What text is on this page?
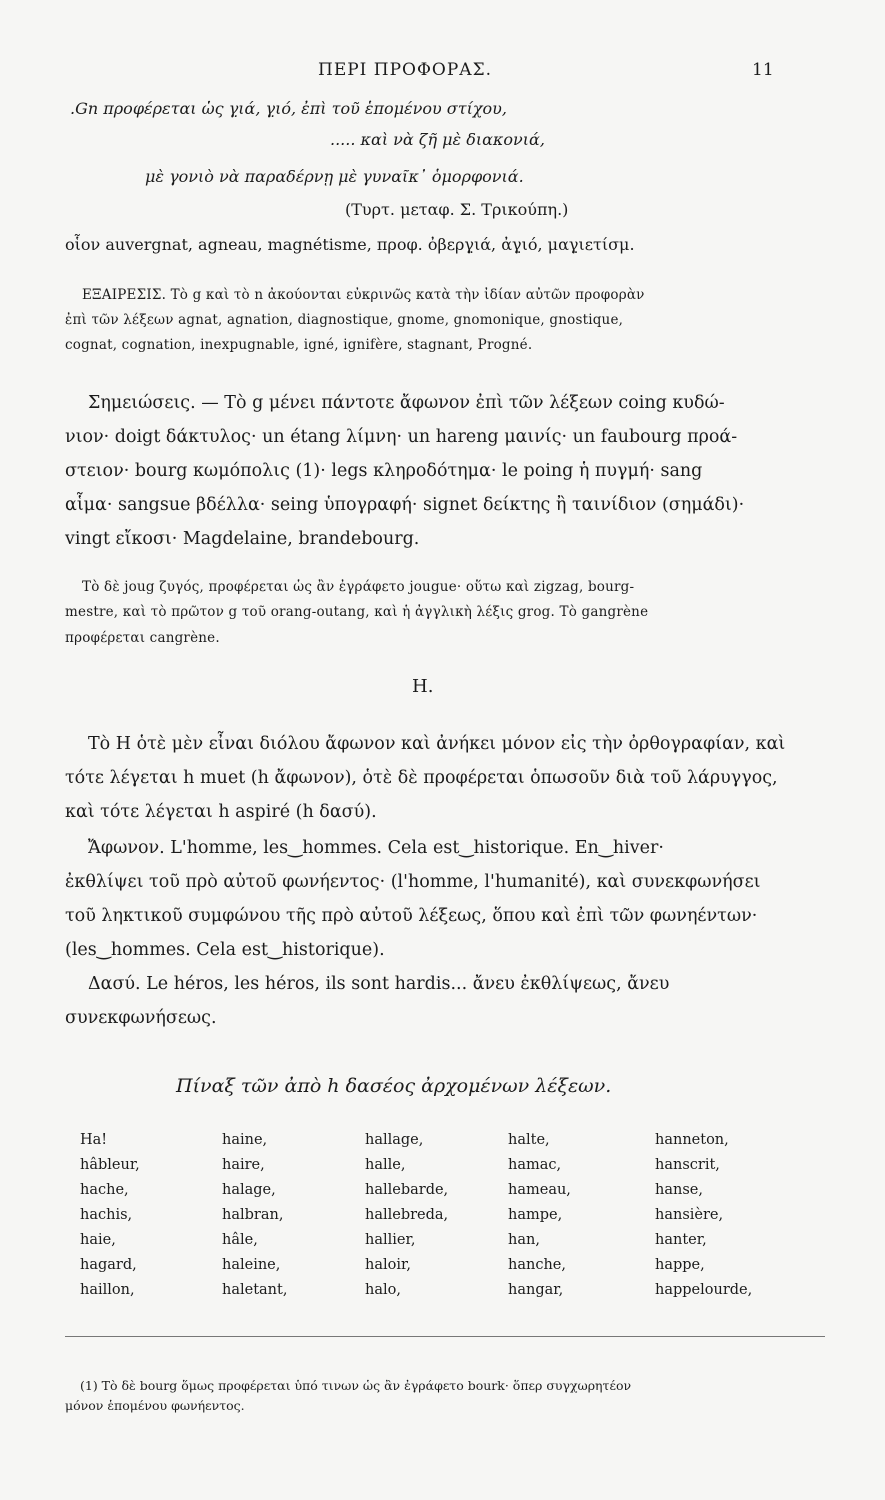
ΠΕΡΙ ΠΡΟΦΟΡΑΣ.	11
.Gn προφέρεται ὡς γ̤ιά, γ̤ιό, ἐπὶ τοῦ ἑπομένου στίχου,
..... καὶ νὰ ζῆ μὲ διακονιά,
μὲ γονιὸ νὰ παραδέρνῃ μὲ γυναῖκ᾽ ὁμορφονιά.
(Τυρτ. μεταφ. Σ. Τρικούπη.)
οἷον auvergnat, agneau, magnétisme, προφ. ὀβεργ̤ιά, ἀγ̤ιό, μαγ̤ιετίσμ.
ΕΞΑΙΡΕΣΙΣ. Τὸ g καὶ τὸ n ἀκούονται εὐκρινῶς κατὰ τὴν ἰδίαν αὐτῶν προφορὰν
ἐπὶ τῶν λέξεων agnat, agnation, diagnostique, gnome, gnomonique, gnostique,
cognat, cognation, inexpugnable, igné, ignifère, stagnant, Progné.
Σημειώσεις. — Τὸ g μένει πάντοτε ἄφωνον ἐπὶ τῶν λέξεων coing κυδώ-
νιον· doigt δάκτυλος· un étang λίμνη· un hareng μαινίς· un faubourg προά-
στειον· bourg κωμόπολις (1)· legs κληροδότημα· le poing ἡ πυγμή· sang
αἷμα· sangsue βδέλλα· seing ὑπογραφή· signet δείκτης ἢ ταινίδιον (σημάδι)·
vingt εἴκοσι· Magdelaine, brandebourg.
Τὸ δὲ joug ζυγός, προφέρεται ὡς ἂν ἐγράφετο jougue· οὕτω καὶ zigzag, bourg-
mestre, καὶ τὸ πρῶτον g τοῦ orang-outang, καὶ ἡ ἀγγλικὴ λέξις grog. Τὸ gangrène
προφέρεται cangrène.
H.
Τὸ H ὁτὲ μὲν εἶναι διόλου ἄφωνον καὶ ἀνήκει μόνον εἰς τὴν ὀρθογραφίαν, καὶ
τότε λέγεται h muet (h ἄφωνον), ὁτὲ δὲ προφέρεται ὁπωσοῦν διὰ τοῦ λάρυγγος,
καὶ τότε λέγεται h aspiré (h δασύ).
Ἄφωνον. L'homme, les‿hommes. Cela est‿historique. En‿hiver·
ἐκθλίψει τοῦ πρὸ αὐτοῦ φωνήεντος· (l'homme, l'humanité), καὶ συνεκφωνήσει
τοῦ ληκτικοῦ συμφώνου τῆς πρὸ αὐτοῦ λέξεως, ὅπου καὶ ἐπὶ τῶν φωνηέντων·
(les‿hommes. Cela est‿historique).
Δασύ. Le héros, les héros, ils sont hardis... ἄνευ ἐκθλίψεως, ἄνευ
συνεκφωνήσεως.
Πίναξ τῶν ἀπὸ h δασέος ἀρχομένων λέξεων.
Ha!
hâbleur,
hache,
hachis,
haie,
hagard,
haillon,
haine,
haire,
halage,
halbran,
hâle,
haleine,
haletant,
hallage,
halle,
hallebarde,
hallebreda,
hallier,
haloir,
halo,
halte,
hamac,
hameau,
hampe,
han,
hanche,
hangar,
hanneton,
hanscrit,
hanse,
hansière,
hanter,
happe,
happelourde,
(1) Τὸ δὲ bourg ὅμως προφέρεται ὑπό τινων ὡς ἂν ἐγράφετο bourk· ὅπερ συγχωρητέον
μόνον ἑπομένου φωνήεντος.
